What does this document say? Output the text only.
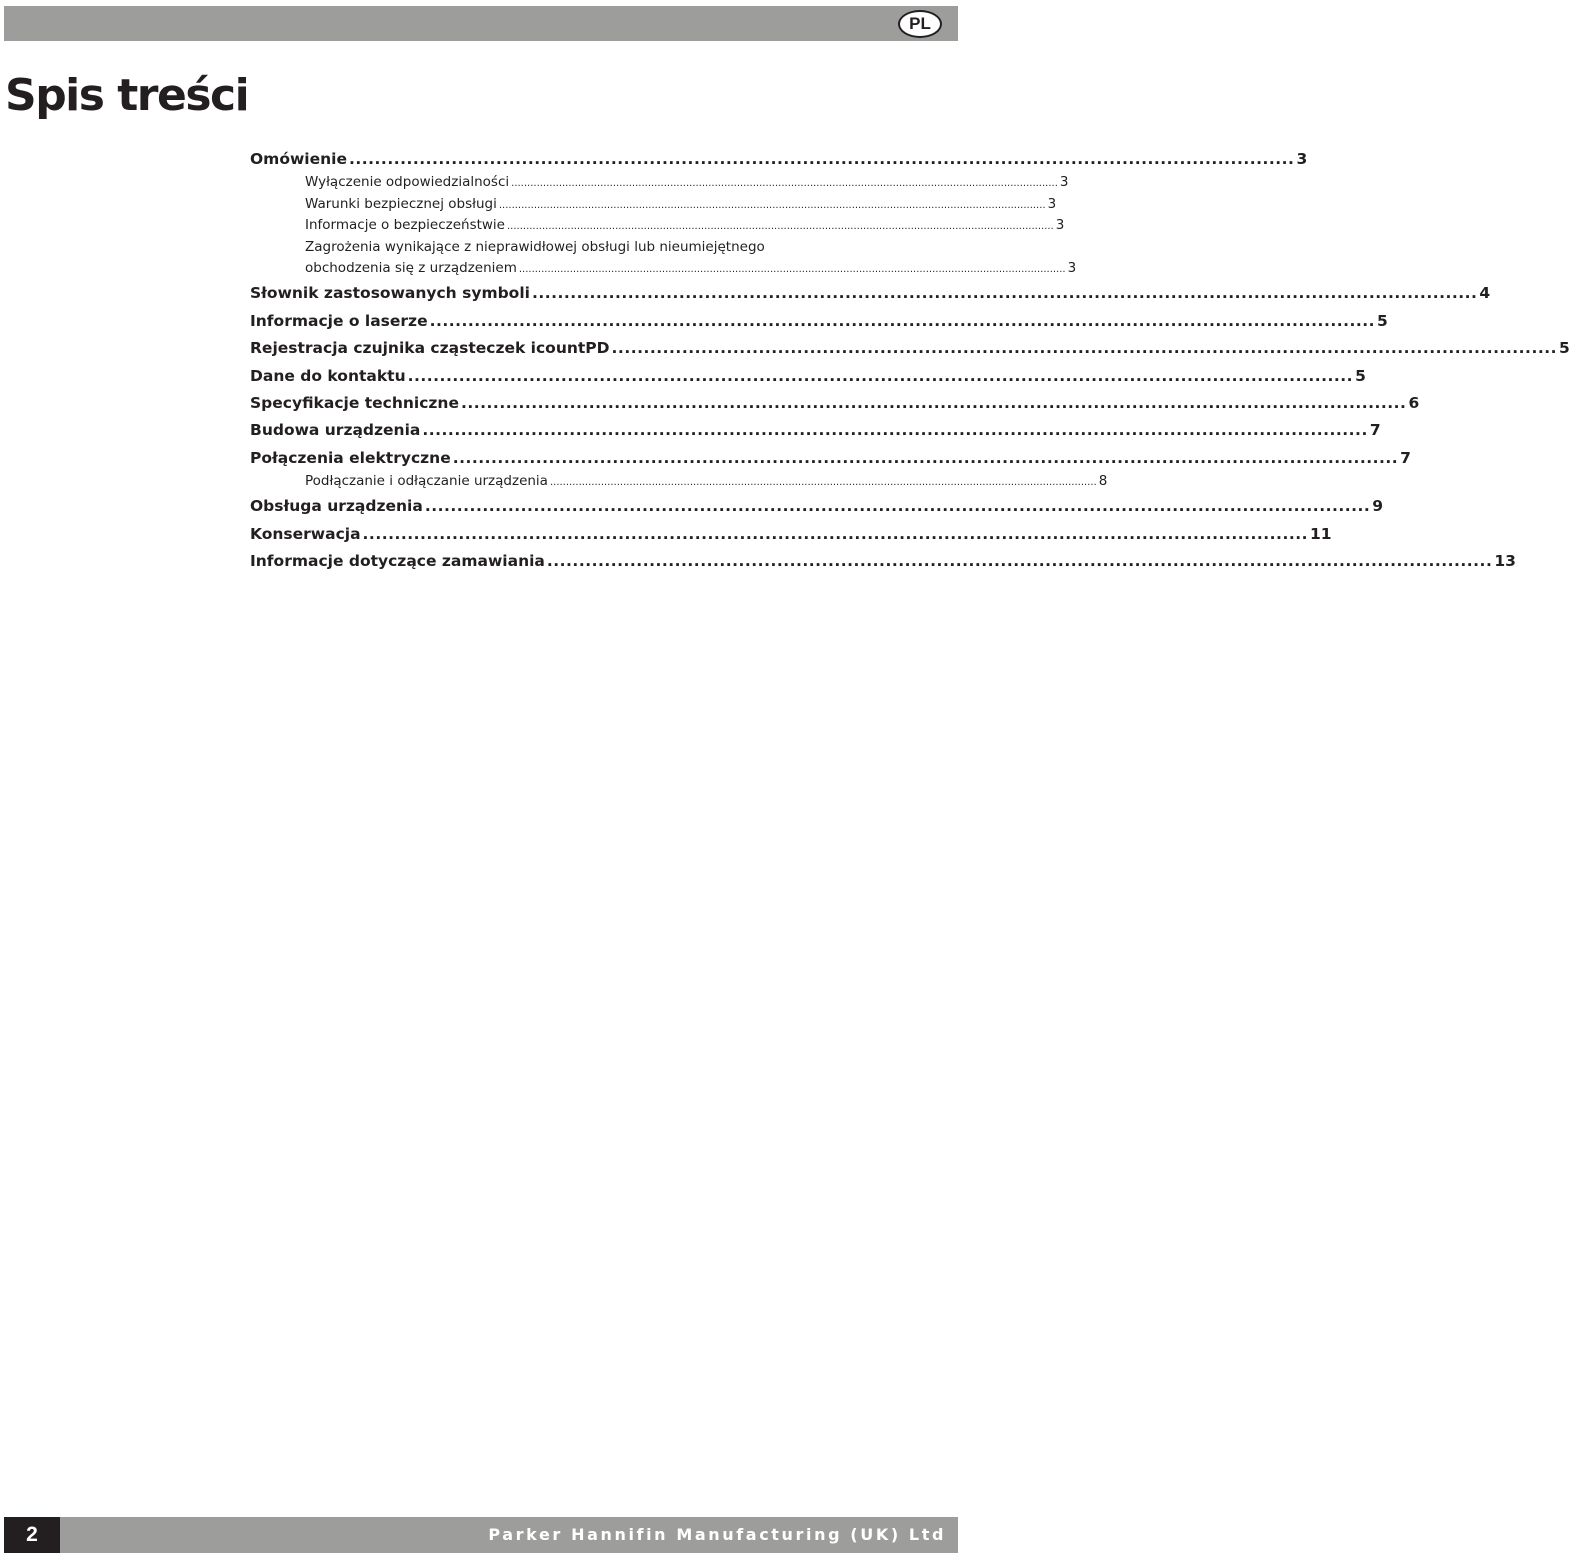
PL
Spis treści
Omówienie .................................................................................................................................................... 3
Wyłączenie odpowiedzialności ............................................................................................................................................................................ 3
Warunki bezpiecznej obsługi ............................................................................................................................................................................ 3
Informacje o bezpieczeństwie ............................................................................................................................................................................ 3
Zagrożenia wynikające z nieprawidłowej obsługi lub nieumiejętnego
obchodzenia się z urządzeniem ............................................................................................................................................................................ 3
Słownik zastosowanych symboli .................................................................................................................................................... 4
Informacje o laserze .................................................................................................................................................... 5
Rejestracja czujnika cząsteczek icountPD .................................................................................................................................................... 5
Dane do kontaktu .................................................................................................................................................... 5
Specyfikacje techniczne .................................................................................................................................................... 6
Budowa urządzenia .................................................................................................................................................... 7
Połączenia elektryczne .................................................................................................................................................... 7
Podłączanie i odłączanie urządzenia ............................................................................................................................................................................ 8
Obsługa urządzenia .................................................................................................................................................... 9
Konserwacja .................................................................................................................................................... 11
Informacje dotyczące zamawiania .................................................................................................................................................... 13
2	Parker Hannifin Manufacturing (UK) Ltd
